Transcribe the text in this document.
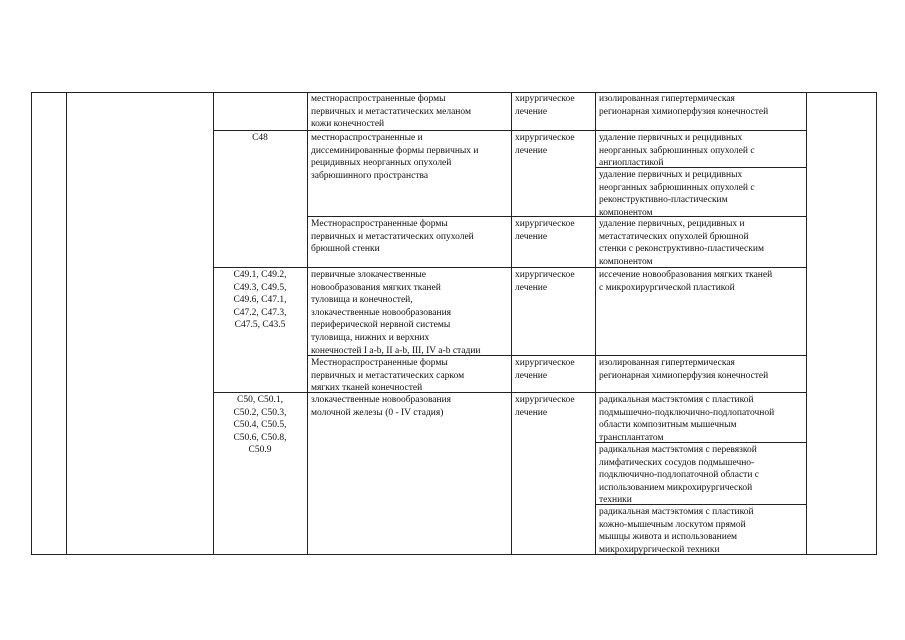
местнораспространенные формы
первичных и метастатических меланом
кожи конечностей
хирургическое
лечение
изолированная гипертермическая
регионарная химиоперфузия конечностей
C48	местнораспространенные и
диссеминированные формы первичных и
рецидивных неорганных опухолей
забрюшинного пространства
хирургическое
лечение
удаление первичных и рецидивных
неорганных забрюшинных опухолей с
ангиопластикой
удаление первичных и рецидивных
неорганных забрюшинных опухолей с
реконструктивно-пластическим
компонентом
Местнораспространенные формы
первичных и метастатических опухолей
брюшной стенки
хирургическое
лечение
удаление первичных, рецидивных и
метастатических опухолей брюшной
стенки с реконструктивно-пластическим
компонентом
C49.1, C49.2,
C49.3, C49.5,
C49.6, C47.1,
C47.2, C47.3,
C47.5, C43.5
первичные злокачественные
новообразования мягких тканей
туловища и конечностей,
злокачественные новообразования
периферической нервной системы
туловища, нижних и верхних
конечностей I a-b, II a-b, III, IV a-b стадии
хирургическое
лечение
иссечение новообразования мягких тканей
с микрохирургической пластикой
Местнораспространенные формы
первичных и метастатических сарком
мягких тканей конечностей
хирургическое
лечение
изолированная гипертермическая
регионарная химиоперфузия конечностей
C50, C50.1,
C50.2, C50.3,
C50.4, C50.5,
C50.6, C50.8,
C50.9
злокачественные новообразования
молочной железы (0 - IV стадия)
хирургическое
лечение
радикальная мастэктомия с пластикой
подмышечно-подключично-подлопаточной
области композитным мышечным
трансплантатом
радикальная мастэктомия с перевязкой
лимфатических сосудов подмышечно-
подключично-подлопаточной области с
использованием микрохирургической
техники
радикальная мастэктомия с пластикой
кожно-мышечным лоскутом прямой
мышцы живота и использованием
микрохирургической техники
